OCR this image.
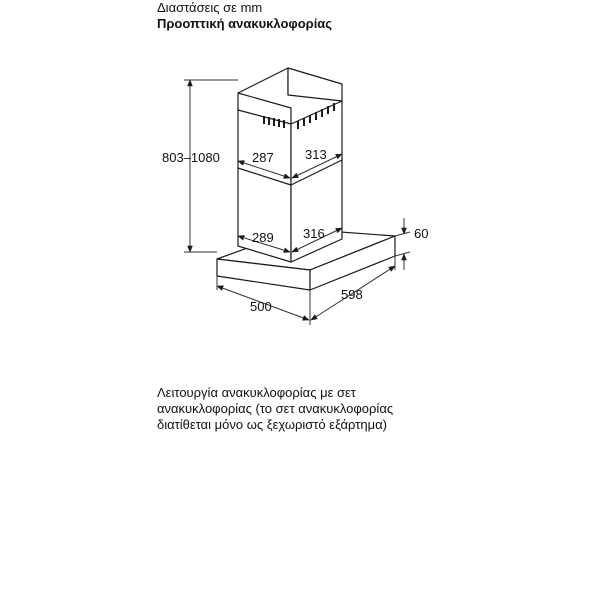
Διαστάσεις σε mm

Προοπτική ανακυκλοφορίας

803–1080 287 313
289 316	60
500
598

Λειτουργία ανακυκλοφορίας με σετ
ανακυκλοφορίας (το σετ ανακυκλοφορίας
διατίθεται μόνο ως ξεχωριστό εξάρτημα)
